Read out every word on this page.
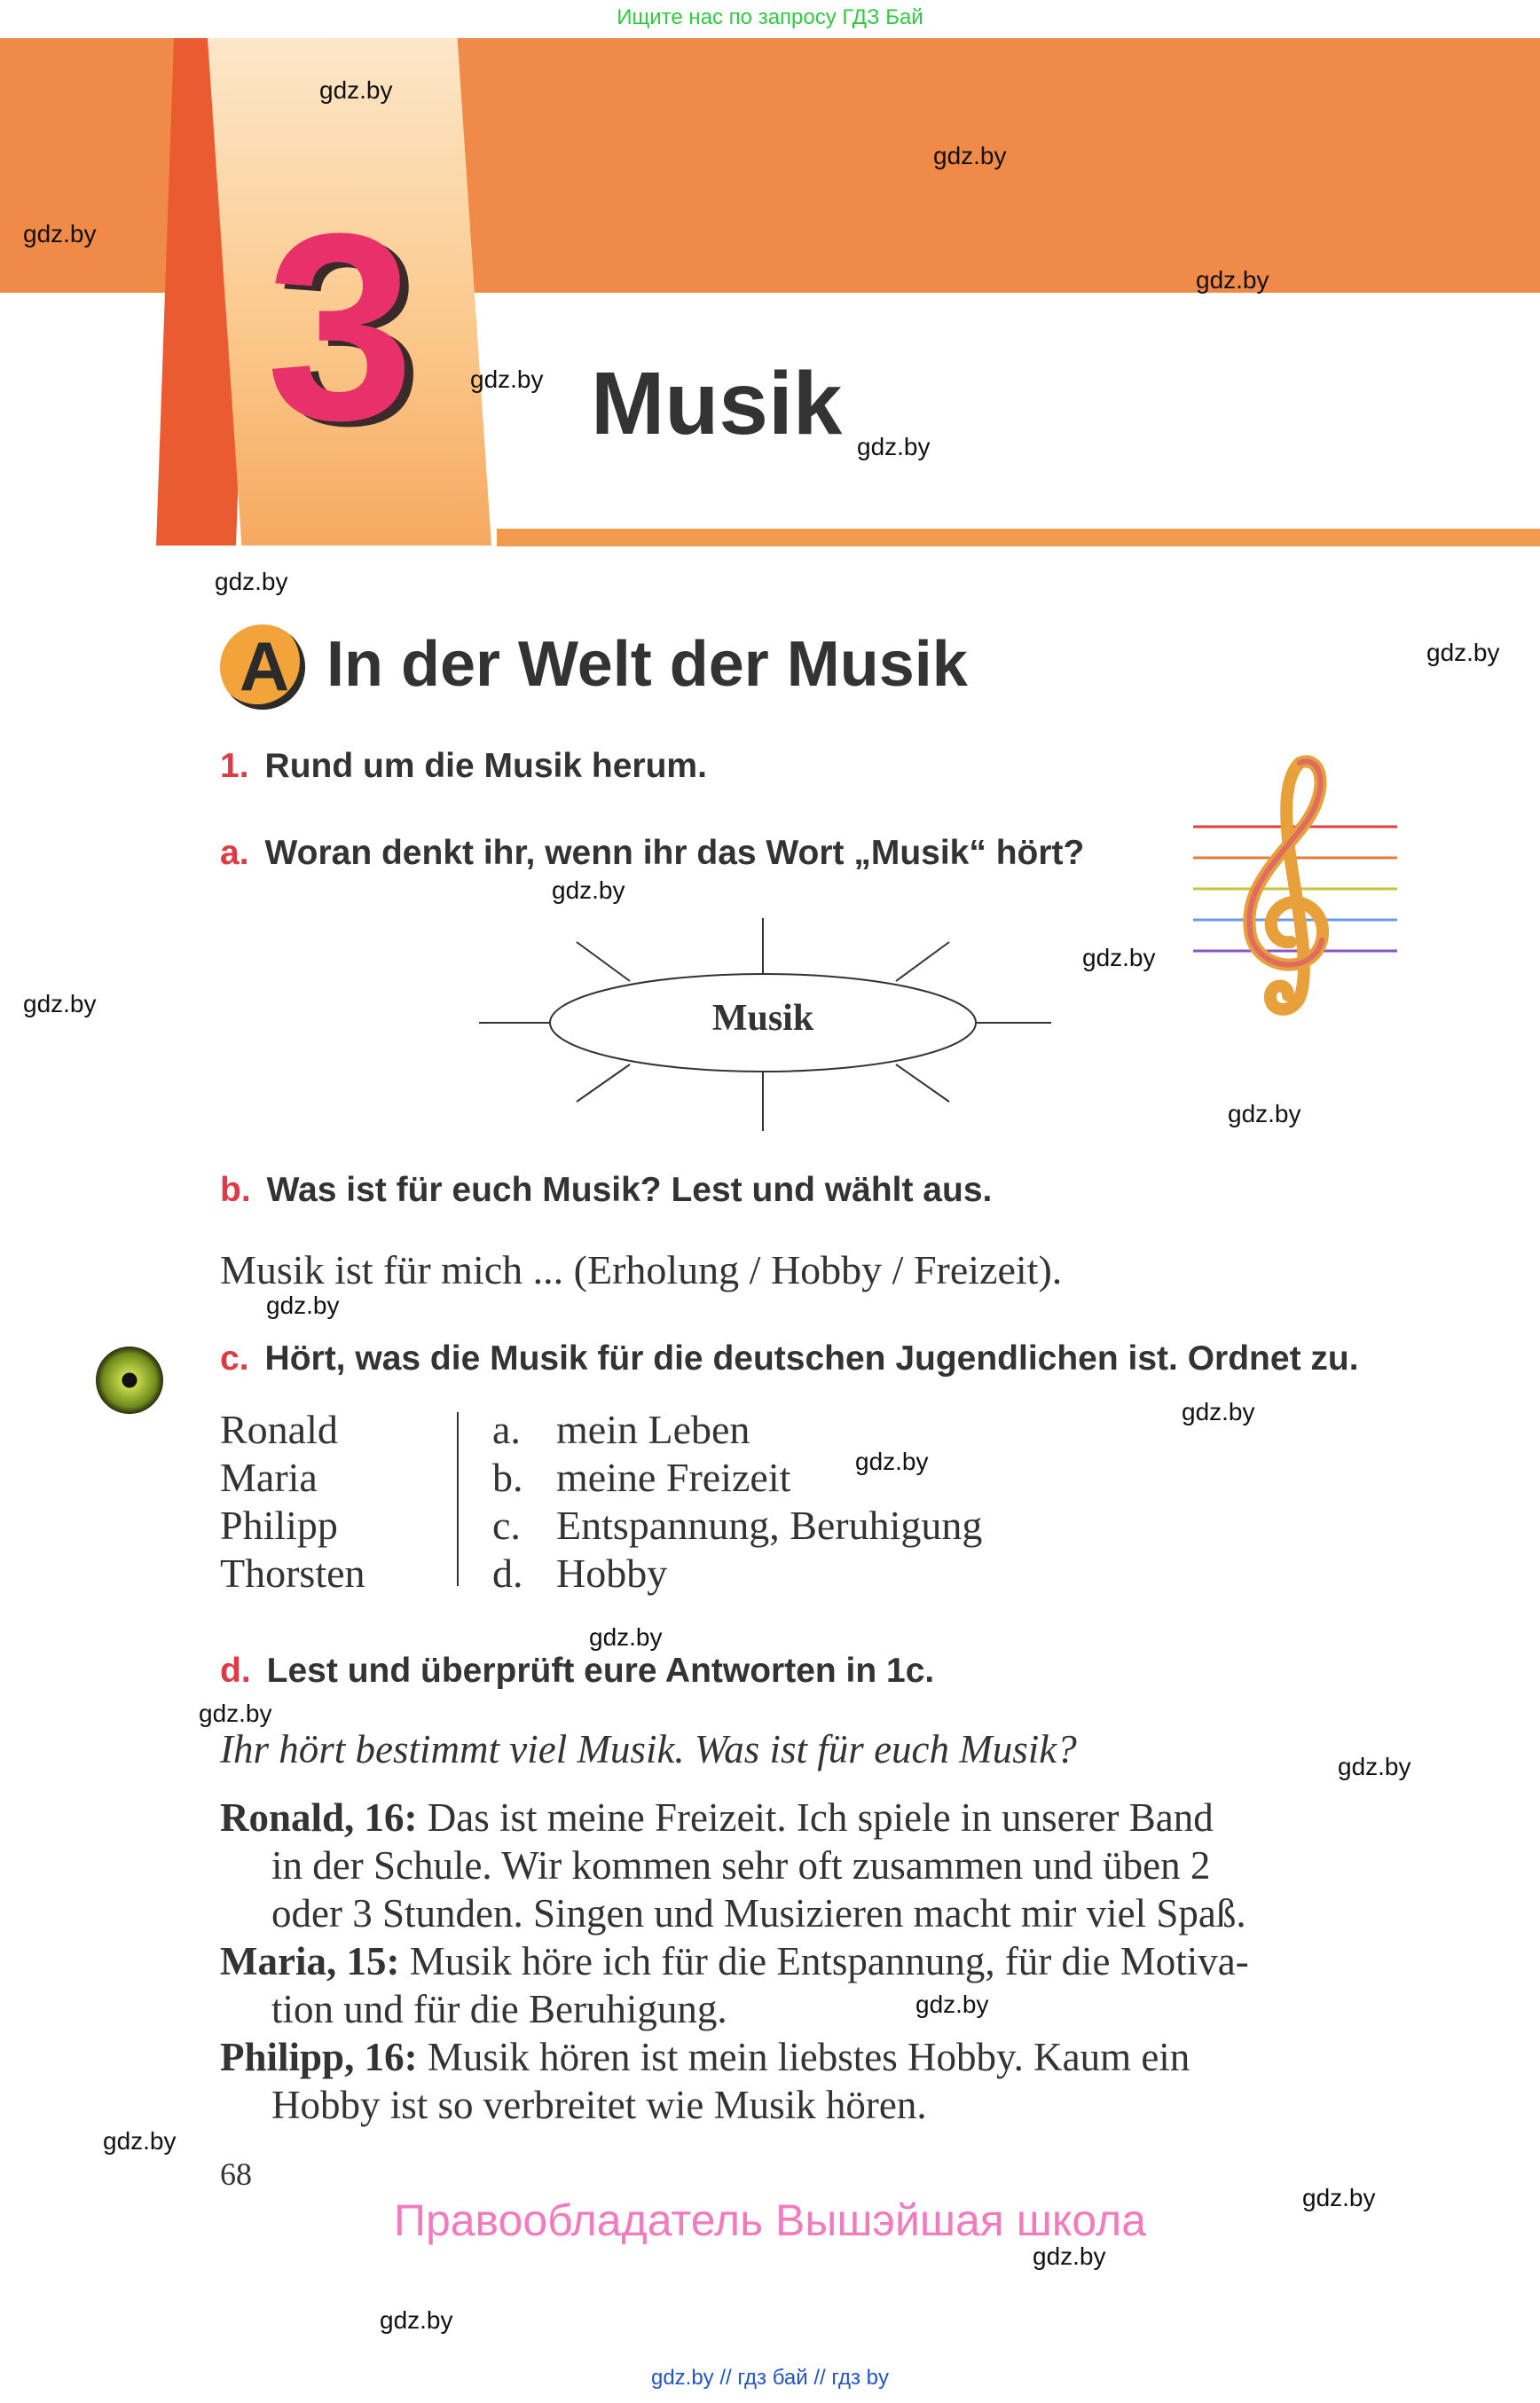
Ищите нас по запросу ГДЗ Бай
3 Musik
A In der Welt der Musik
1. Rund um die Musik herum.
a. Woran denkt ihr, wenn ihr das Wort „Musik“ hört?
Musik
b. Was ist für euch Musik? Lest und wählt aus.
Musik ist für mich ... (Erholung / Hobby / Freizeit).
c. Hört, was die Musik für die deutschen Jugendlichen ist. Ordnet zu.
Ronald
Maria
Philipp
Thorsten
a. mein Leben
b. meine Freizeit
c. Entspannung, Beruhigung
d. Hobby
d. Lest und überprüft eure Antworten in 1c.
Ihr hört bestimmt viel Musik. Was ist für euch Musik?
Ronald, 16: Das ist meine Freizeit. Ich spiele in unserer Band
in der Schule. Wir kommen sehr oft zusammen und üben 2
oder 3 Stunden. Singen und Musizieren macht mir viel Spaß.
Maria, 15: Musik höre ich für die Entspannung, für die Motiva-
tion und für die Beruhigung.
Philipp, 16: Musik hören ist mein liebstes Hobby. Kaum ein
Hobby ist so verbreitet wie Musik hören.
68
Правообладатель Вышэйшая школа
gdz.by // гдз бай // гдз by
gdz.by
gdz.by
gdz.by
gdz.by
gdz.by
gdz.by
gdz.by
gdz.by
gdz.by
gdz.by
gdz.by
gdz.by
gdz.by
gdz.by
gdz.by
gdz.by
gdz.by
gdz.by
gdz.by
gdz.by
gdz.by
gdz.by
gdz.by
